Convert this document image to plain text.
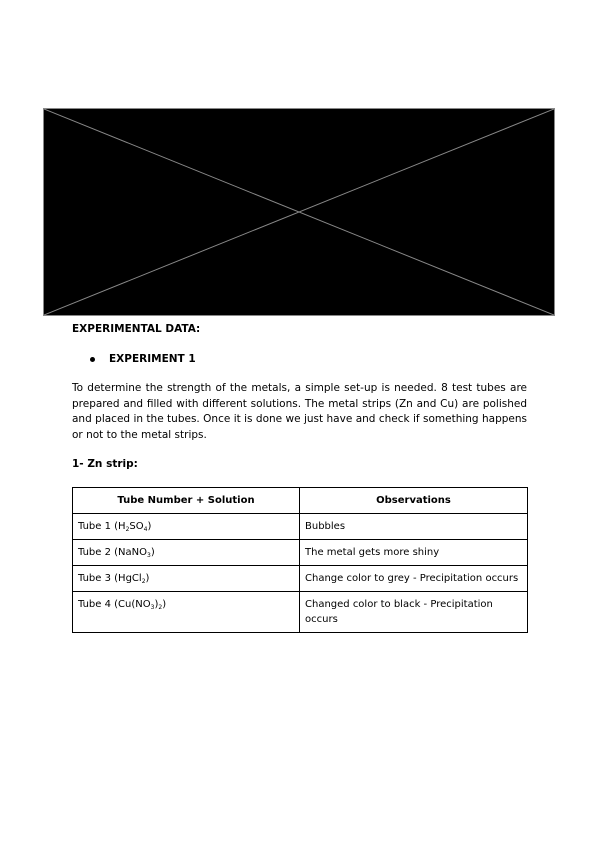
EXPERIMENTAL DATA:
EXPERIMENT 1

To determine the strength of the metals, a simple set-up is needed. 8 test tubes are prepared and filled with different solutions. The metal strips (Zn and Cu) are polished and placed in the tubes. Once it is done we just have and check if something happens or not to the metal strips.

1- Zn strip:
Tube Number + Solution	Observations
Tube 1 $(H_2SO_4)$	Bubbles
Tube 2 (NaNO$_3$)	The metal gets more shiny
Tube 3 (HgCl$_2$)	Change color to grey - Precipitation occurs
Tube 4 $(Cu(NO_3)_2)$	Changed color to black - Precipitation occurs
